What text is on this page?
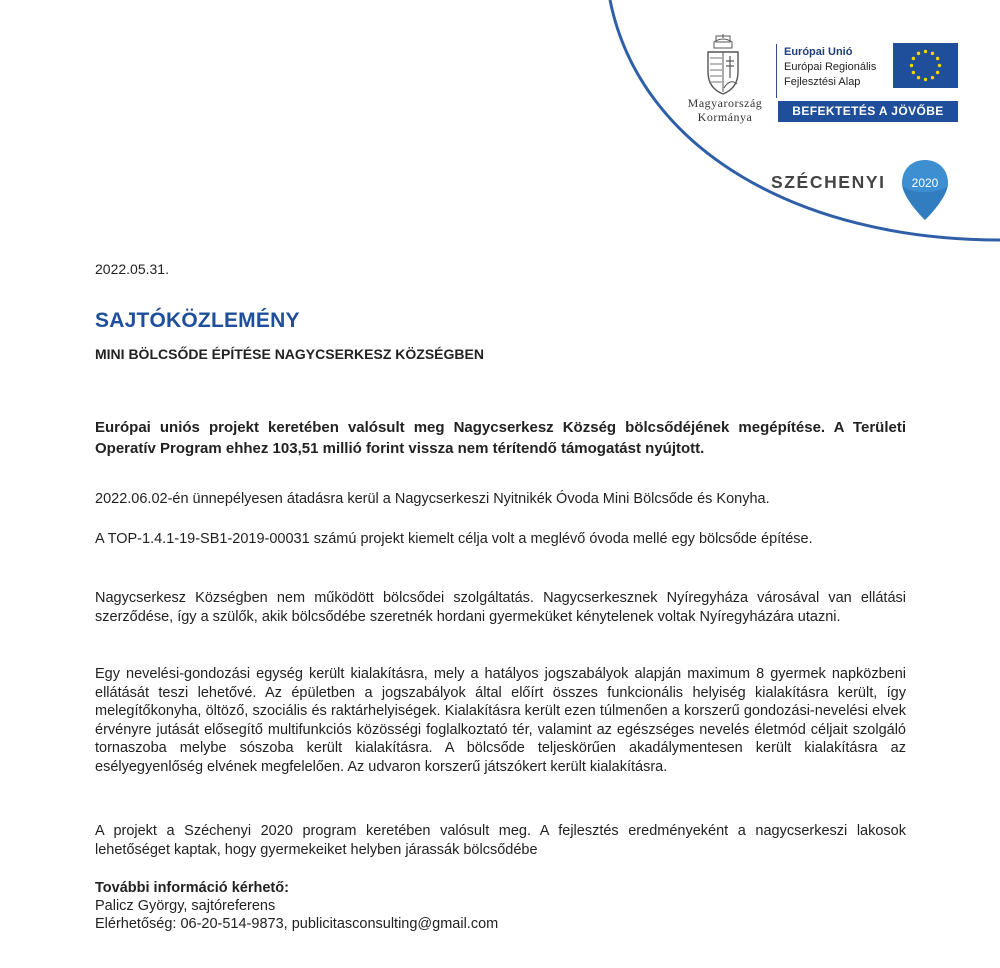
Magyarország

Kormánya

Európai Unió

Európai Regionális

Fejlesztési Alap

BEFEKTETÉS A JÖVŐBE

SZÉCHENYI 2020

2022.05.31.

SAJTÓKÖZLEMÉNY
MINI BÖLCSŐDE ÉPÍTÉSE NAGYCSERKESZ KÖZSÉGBEN

Európai uniós projekt keretében valósult meg Nagycserkesz Község bölcsődéjének megépítése. A Területi Operatív Program ehhez 103,51 millió forint vissza nem térítendő támogatást nyújtott.

2022.06.02-én ünnepélyesen átadásra kerül a Nagycserkeszi Nyitnikék Óvoda Mini Bölcsőde és Konyha.

A TOP-1.4.1-19-SB1-2019-00031 számú projekt kiemelt célja volt a meglévő óvoda mellé egy bölcsőde építése.

Nagycserkesz Községben nem működött bölcsődei szolgáltatás. Nagycserkesznek Nyíregyháza városával van ellátási szerződése, így a szülők, akik bölcsődébe szeretnék hordani gyermeküket kénytelenek voltak Nyíregyházára utazni.

Egy nevelési-gondozási egység került kialakításra, mely a hatályos jogszabályok alapján maximum 8 gyermek napközbeni ellátását teszi lehetővé. Az épületben a jogszabályok által előírt összes funkcionális helyiség kialakításra került, így melegítőkonyha, öltöző, szociális és raktárhelyiségek. Kialakításra került ezen túlmenően a korszerű gondozási-nevelési elvek érvényre jutását elősegítő multifunkciós közösségi foglalkoztató tér, valamint az egészséges nevelés életmód céljait szolgáló tornaszoba melybe sószoba került kialakításra. A bölcsőde teljeskörűen akadálymentesen került kialakításra az esélyegyenlőség elvének megfelelően. Az udvaron korszerű játszókert került kialakításra.

A projekt a Széchenyi 2020 program keretében valósult meg. A fejlesztés eredményeként a nagycserkeszi lakosok lehetőséget kaptak, hogy gyermekeiket helyben járassák bölcsődébe

További információ kérhető:

Palicz György, sajtóreferens

Elérhetőség: 06-20-514-9873, publicitasconsulting@gmail.com
